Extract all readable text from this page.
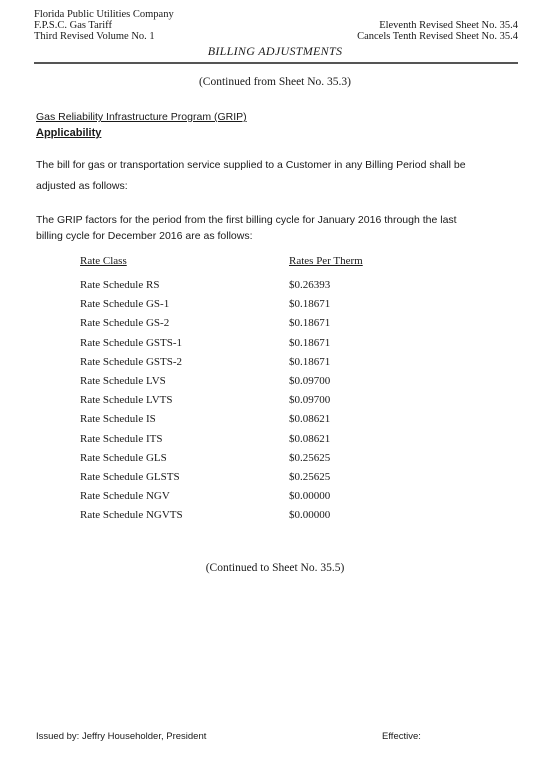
Florida Public Utilities Company
F.P.S.C. Gas Tariff
Third Revised Volume No. 1
Eleventh Revised Sheet No. 35.4
Cancels Tenth Revised Sheet No. 35.4
BILLING ADJUSTMENTS
(Continued from Sheet No. 35.3)
Gas Reliability Infrastructure Program (GRIP)
Applicability
The bill for gas or transportation service supplied to a Customer in any Billing Period shall be
adjusted as follows:
The GRIP factors for the period from the first billing cycle for January 2016 through the last
billing cycle for December 2016 are as follows:
Rate Class	Rates Per Therm
Rate Schedule RS	$0.26393
Rate Schedule GS-1	$0.18671
Rate Schedule GS-2	$0.18671
Rate Schedule GSTS-1	$0.18671
Rate Schedule GSTS-2	$0.18671
Rate Schedule LVS	$0.09700
Rate Schedule LVTS	$0.09700
Rate Schedule IS	$0.08621
Rate Schedule ITS	$0.08621
Rate Schedule GLS	$0.25625
Rate Schedule GLSTS	$0.25625
Rate Schedule NGV	$0.00000
Rate Schedule NGVTS	$0.00000
(Continued to Sheet No. 35.5)
Issued by: Jeffry Householder, President	Effective:
